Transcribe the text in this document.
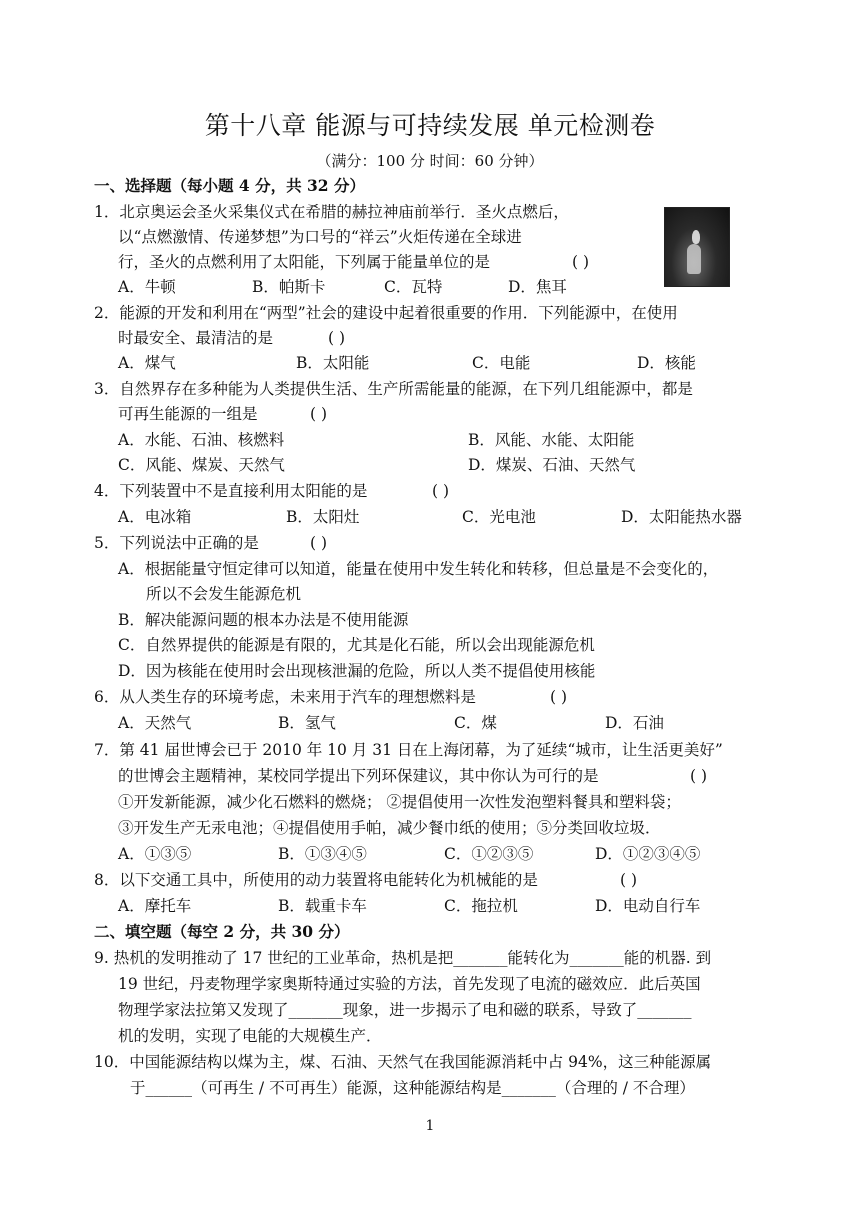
第十八章 能源与可持续发展 单元检测卷
（满分：100 分 时间：60 分钟）
一、选择题（每小题 4 分，共 32 分）
1．北京奥运会圣火采集仪式在希腊的赫拉神庙前举行．圣火点燃后，
以“点燃激情、传递梦想”为口号的“祥云”火炬传递在全球进
行，圣火的点燃利用了太阳能，下列属于能量单位的是	( )
A．牛顿	B．帕斯卡	C．瓦特	D．焦耳
2．能源的开发和利用在“两型”社会的建设中起着很重要的作用．下列能源中，在使用
时最安全、最清洁的是	( )
A．煤气	B．太阳能	C．电能	D．核能
3．自然界存在多种能为人类提供生活、生产所需能量的能源，在下列几组能源中，都是
可再生能源的一组是	( )
A．水能、石油、核燃料	B．风能、水能、太阳能
C．风能、煤炭、天然气	D．煤炭、石油、天然气
4．下列装置中不是直接利用太阳能的是	( )
A．电冰箱	B．太阳灶	C．光电池	D．太阳能热水器
5．下列说法中正确的是	( )
A．根据能量守恒定律可以知道，能量在使用中发生转化和转移，但总量是不会变化的，
所以不会发生能源危机
B．解决能源问题的根本办法是不使用能源
C．自然界提供的能源是有限的，尤其是化石能，所以会出现能源危机
D．因为核能在使用时会出现核泄漏的危险，所以人类不提倡使用核能
6．从人类生存的环境考虑，未来用于汽车的理想燃料是	( )
A．天然气	B．氢气	C．煤	D．石油
7．第 41 届世博会已于 2010 年 10 月 31 日在上海闭幕，为了延续“城市，让生活更美好”
的世博会主题精神，某校同学提出下列环保建议，其中你认为可行的是	( )
①开发新能源，减少化石燃料的燃烧； ②提倡使用一次性发泡塑料餐具和塑料袋；
③开发生产无汞电池；④提倡使用手帕，减少餐巾纸的使用；⑤分类回收垃圾．
A．①③⑤	B．①③④⑤	C．①②③⑤	D．①②③④⑤
8．以下交通工具中，所使用的动力装置将电能转化为机械能的是	( )
A．摩托车	B．载重卡车	C．拖拉机	D．电动自行车
二、填空题（每空 2 分，共 30 分）
9. 热机的发明推动了 17 世纪的工业革命，热机是把_______能转化为_______能的机器. 到
19 世纪，丹麦物理学家奥斯特通过实验的方法，首先发现了电流的磁效应．此后英国
物理学家法拉第又发现了_______现象，进一步揭示了电和磁的联系，导致了_______
机的发明，实现了电能的大规模生产．
10．中国能源结构以煤为主，煤、石油、天然气在我国能源消耗中占 94%，这三种能源属
于______（可再生 / 不可再生）能源，这种能源结构是_______（合理的 / 不合理）
1
